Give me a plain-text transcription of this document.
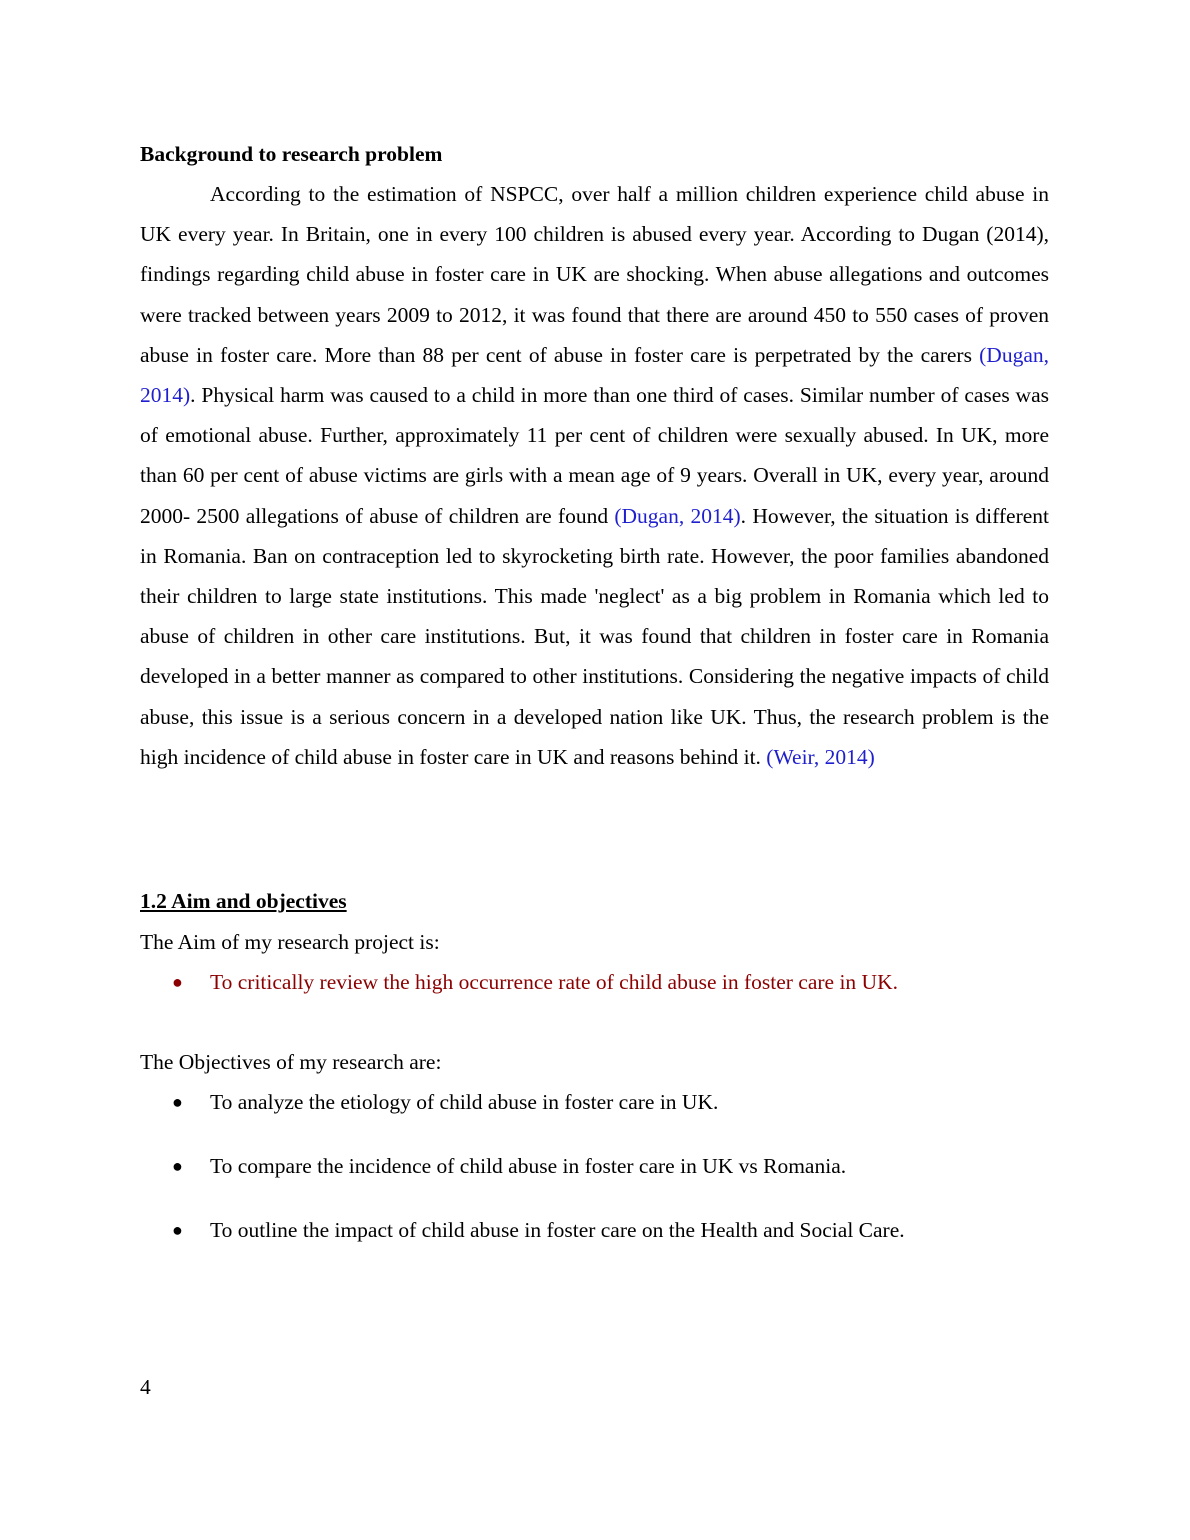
Background to research problem

According to the estimation of NSPCC, over half a million children experience child abuse in UK every year. In Britain, one in every 100 children is abused every year. According to Dugan (2014), findings regarding child abuse in foster care in UK are shocking. When abuse allegations and outcomes were tracked between years 2009 to 2012, it was found that there are around 450 to 550 cases of proven abuse in foster care. More than 88 per cent of abuse in foster care is perpetrated by the carers (Dugan, 2014). Physical harm was caused to a child in more than one third of cases. Similar number of cases was of emotional abuse. Further, approximately 11 per cent of children were sexually abused. In UK, more than 60 per cent of abuse victims are girls with a mean age of 9 years. Overall in UK, every year, around 2000- 2500 allegations of abuse of children are found (Dugan, 2014). However, the situation is different in Romania. Ban on contraception led to skyrocketing birth rate. However, the poor families abandoned their children to large state institutions. This made 'neglect' as a big problem in Romania which led to abuse of children in other care institutions. But, it was found that children in foster care in Romania developed in a better manner as compared to other institutions. Considering the negative impacts of child abuse, this issue is a serious concern in a developed nation like UK. Thus, the research problem is the high incidence of child abuse in foster care in UK and reasons behind it. (Weir, 2014)

1.2 Aim and objectives
The Aim of my research project is:
● To critically review the high occurrence rate of child abuse in foster care in UK.
The Objectives of my research are:
● To analyze the etiology of child abuse in foster care in UK.
● To compare the incidence of child abuse in foster care in UK vs Romania.
● To outline the impact of child abuse in foster care on the Health and Social Care.
4
